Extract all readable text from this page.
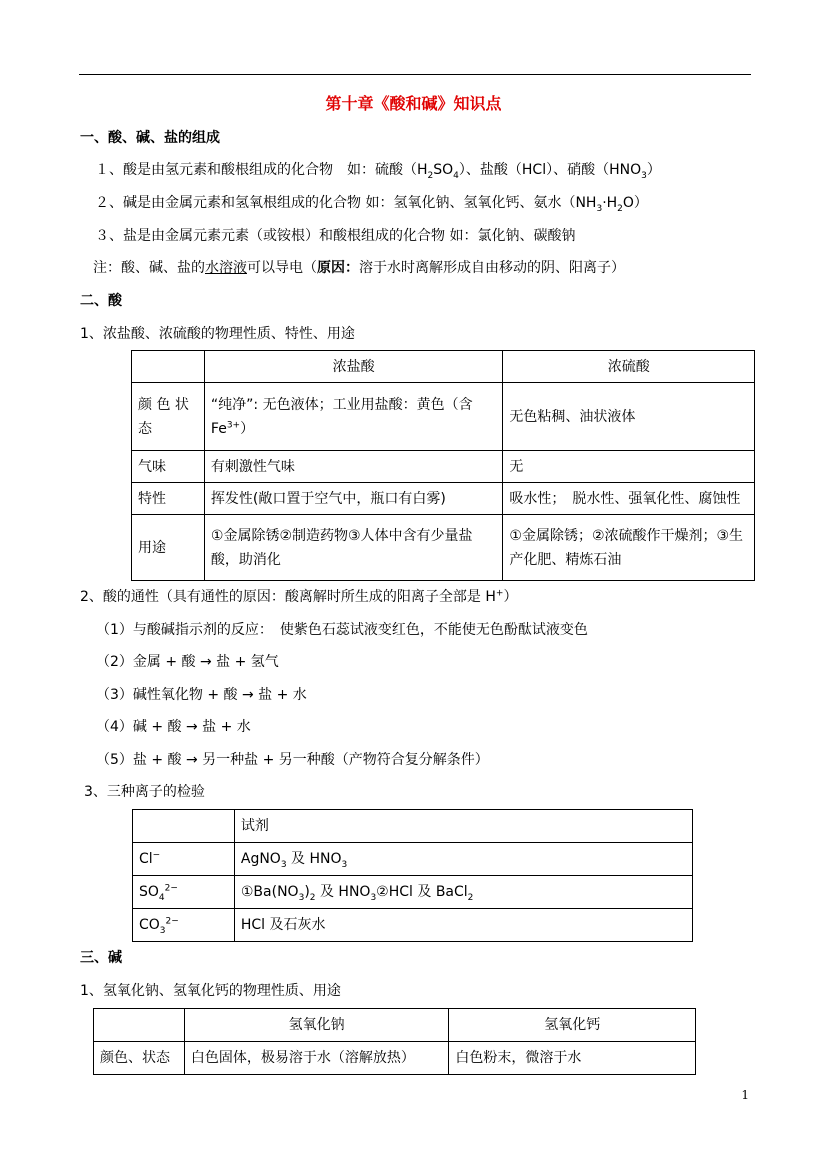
第十章《酸和碱》知识点
一、酸、碱、盐的组成
１、酸是由氢元素和酸根组成的化合物　如：硫酸$(H_2SO_4)$、盐酸（HCl）、硝酸$(HNO_3)$
２、碱是由金属元素和氢氧根组成的化合物 如：氢氧化钠、氢氧化钙、氨水$(NH_3\cdot H_2O)$
３、盐是由金属元素元素（或铵根）和酸根组成的化合物 如：氯化钠、碳酸钠
注：酸、碱、盐的水溶液可以导电（原因：溶于水时离解形成自由移动的阴、阳离子）
二、酸
1、浓盐酸、浓硫酸的物理性质、特性、用途
	浓盐酸	浓硫酸
颜 色 状 态	“纯净”: 无色液体；工业用盐酸：黄色（含$Fe^{3+}$）	无色粘稠、油状液体
气味	有刺激性气味	无
特性	挥发性(敞口置于空气中，瓶口有白雾)	吸水性；　脱水性、强氧化性、腐蚀性
用途	①金属除锈②制造药物③人体中含有少量盐酸，助消化	①金属除锈；②浓硫酸作干燥剂；③生产化肥、精炼石油
2、酸的通性（具有通性的原因：酸离解时所生成的阳离子全部是 H+）
（1）与酸碱指示剂的反应：　使紫色石蕊试液变红色，不能使无色酚酞试液变色
（2）金属 + 酸 → 盐 + 氢气
（3）碱性氧化物 + 酸 → 盐 + 水
（4）碱 + 酸 → 盐 + 水
（5）盐 + 酸 → 另一种盐 + 另一种酸（产物符合复分解条件）
3、三种离子的检验
	试剂
Cl−	AgNO$_3$ 及 $HNO_3$
$SO_4^{2-}$	$①Ba(NO_3)_2$ 及 $HNO_3②HCl$ 及 BaCl$_2$
$CO_3^{2-}$	HCl 及石灰水
三、碱
1、氢氧化钠、氢氧化钙的物理性质、用途
	氢氧化钠	氢氧化钙
颜色、状态	白色固体，极易溶于水（溶解放热）	白色粉末，微溶于水
1
